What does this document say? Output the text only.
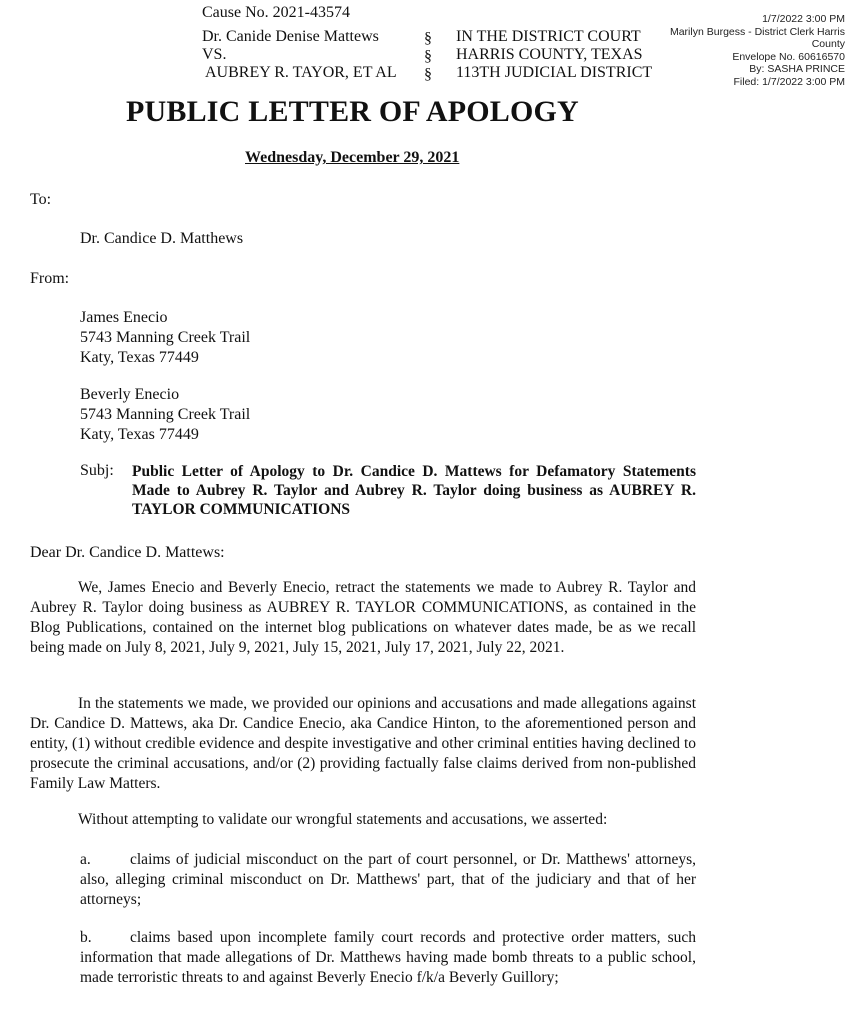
Cause No. 2021-43574
Dr. Canide Denise Mattews
VS.
AUBREY R. TAYOR, ET AL
§
§
§
IN THE DISTRICT COURT
HARRIS COUNTY, TEXAS
113TH JUDICIAL DISTRICT
1/7/2022 3:00 PM
Marilyn Burgess - District Clerk Harris County
Envelope No. 60616570
By: SASHA PRINCE
Filed: 1/7/2022 3:00 PM
PUBLIC LETTER OF APOLOGY
Wednesday, December 29, 2021
To:
Dr. Candice D. Matthews
From:
James Enecio
5743 Manning Creek Trail
Katy, Texas 77449
Beverly Enecio
5743 Manning Creek Trail
Katy, Texas 77449
Subj: Public Letter of Apology to Dr. Candice D. Mattews for Defamatory Statements Made to Aubrey R. Taylor and Aubrey R. Taylor doing business as AUBREY R. TAYLOR COMMUNICATIONS
Dear Dr. Candice D. Mattews:
We, James Enecio and Beverly Enecio, retract the statements we made to Aubrey R. Taylor and Aubrey R. Taylor doing business as AUBREY R. TAYLOR COMMUNICATIONS, as contained in the Blog Publications, contained on the internet blog publications on whatever dates made, be as we recall being made on July 8, 2021, July 9, 2021, July 15, 2021, July 17, 2021, July 22, 2021.
In the statements we made, we provided our opinions and accusations and made allegations against Dr. Candice D. Mattews, aka Dr. Candice Enecio, aka Candice Hinton, to the aforementioned person and entity, (1) without credible evidence and despite investigative and other criminal entities having declined to prosecute the criminal accusations, and/or (2) providing factually false claims derived from non-published Family Law Matters.
Without attempting to validate our wrongful statements and accusations, we asserted:
a.	claims of judicial misconduct on the part of court personnel, or Dr. Matthews' attorneys, also, alleging criminal misconduct on Dr. Matthews' part, that of the judiciary and that of her attorneys;
b. claims based upon incomplete family court records and protective order matters, such information that made allegations of Dr. Matthews having made bomb threats to a public school, made terroristic threats to and against Beverly Enecio f/k/a Beverly Guillory;
